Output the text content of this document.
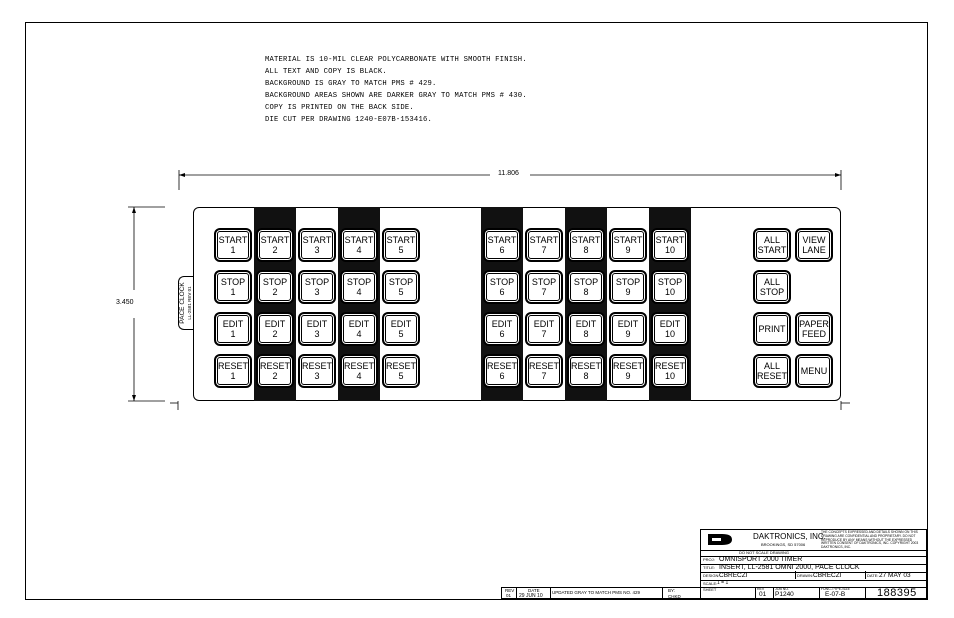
MATERIAL IS 10-MIL CLEAR POLYCARBONATE WITH SMOOTH FINISH.
ALL TEXT AND COPY IS BLACK.
BACKGROUND IS GRAY TO MATCH PMS # 429.
BACKGROUND AREAS SHOWN ARE DARKER GRAY TO MATCH PMS # 430.
COPY IS PRINTED ON THE BACK SIDE.
DIE CUT PER DRAWING 1240-E07B-153416.
11.806
3.450	PACE CLOCK LL-2581 REV 01
START
1
START
2
START
3
START
4
START
5
START
6
START
7
START
8
START
9
START
10
STOP
1
STOP
2
STOP
3
STOP
4
STOP
5
STOP
6
STOP
7
STOP
8
STOP
9
STOP
10
EDIT
1
EDIT
2
EDIT
3
EDIT
4
EDIT
5
EDIT
6
EDIT
7
EDIT
8
EDIT
9
EDIT
10
RESET
1
RESET
2
RESET
3
RESET
4
RESET
5
RESET
6
RESET
7
RESET
8
RESET
9
RESET
10
ALL
START
VIEW
LANE
ALL
STOP
PRINT PAPER
FEED
ALL
RESET MENU
DAKTRONICS, INC.
BROOKINGS, SD 57006
THE CONCEPTS EXPRESSED AND DETAILS SHOWN ON THIS DRAWING ARE CONFIDENTIAL AND PROPRIETARY. DO NOT REPRODUCE BY ANY MEANS WITHOUT THE EXPRESSED WRITTEN CONSENT OF DAKTRONICS, INC. COPYRIGHT 2003 DAKTRONICS, INC.
DO NOT SCALE DRAWING
PROJ: OMNISPORT 2000 TIMER
TITLE: INSERT, LL-2581 OMNI 2000, PACE CLOCK
DESIGN: CBRECZI	DRAWN: CBRECZI	DATE: 27 MAY 03
SCALE: 1 = 1
SHEET	REV
01
JOB NO.
P1240
FUNC-TYPE-SIZE
E-07-B	188395
REV
01
DATE
29 JUN 10
UPDATED GRAY TO MATCH PMS NO. 429	BY:
CHKD
